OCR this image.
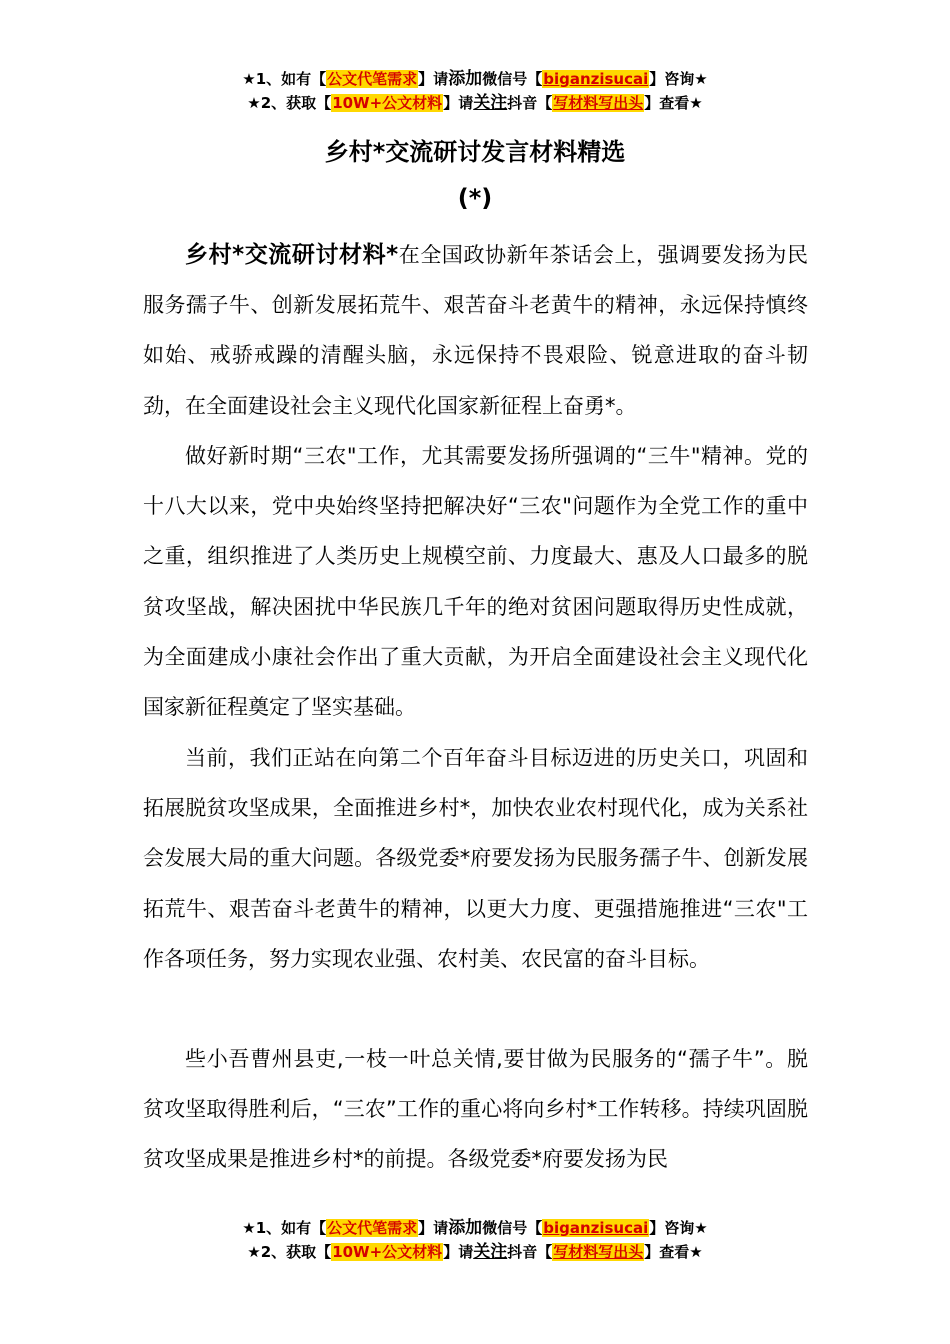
★1、如有【公文代笔需求】请添加微信号【biganzisucai】咨询★
★2、获取【10W+公文材料】请关注抖音【写材料写出头】查看★
乡村*交流研讨发言材料精选
(*)

乡村*交流研讨材料*在全国政协新年茶话会上，强调要发扬为民服务孺子牛、创新发展拓荒牛、艰苦奋斗老黄牛的精神，永远保持慎终如始、戒骄戒躁的清醒头脑，永远保持不畏艰险、锐意进取的奋斗韧劲，在全面建设社会主义现代化国家新征程上奋勇*。

做好新时期“三农"工作，尤其需要发扬所强调的“三牛"精神。党的十八大以来，党中央始终坚持把解决好“三农"问题作为全党工作的重中之重，组织推进了人类历史上规模空前、力度最大、惠及人口最多的脱贫攻坚战，解决困扰中华民族几千年的绝对贫困问题取得历史性成就，为全面建成小康社会作出了重大贡献，为开启全面建设社会主义现代化国家新征程奠定了坚实基础。

当前，我们正站在向第二个百年奋斗目标迈进的历史关口，巩固和拓展脱贫攻坚成果，全面推进乡村*，加快农业农村现代化，成为关系社会发展大局的重大问题。各级党委*府要发扬为民服务孺子牛、创新发展拓荒牛、艰苦奋斗老黄牛的精神，以更大力度、更强措施推进“三农"工作各项任务，努力实现农业强、农村美、农民富的奋斗目标。

些小吾曹州县吏,一枝一叶总关情,要甘做为民服务的“孺子牛”。脱贫攻坚取得胜利后，“三农”工作的重心将向乡村*工作转移。持续巩固脱贫攻坚成果是推进乡村*的前提。各级党委*府要发扬为民

★1、如有【公文代笔需求】请添加微信号【biganzisucai】咨询★
★2、获取【10W+公文材料】请关注抖音【写材料写出头】查看★
